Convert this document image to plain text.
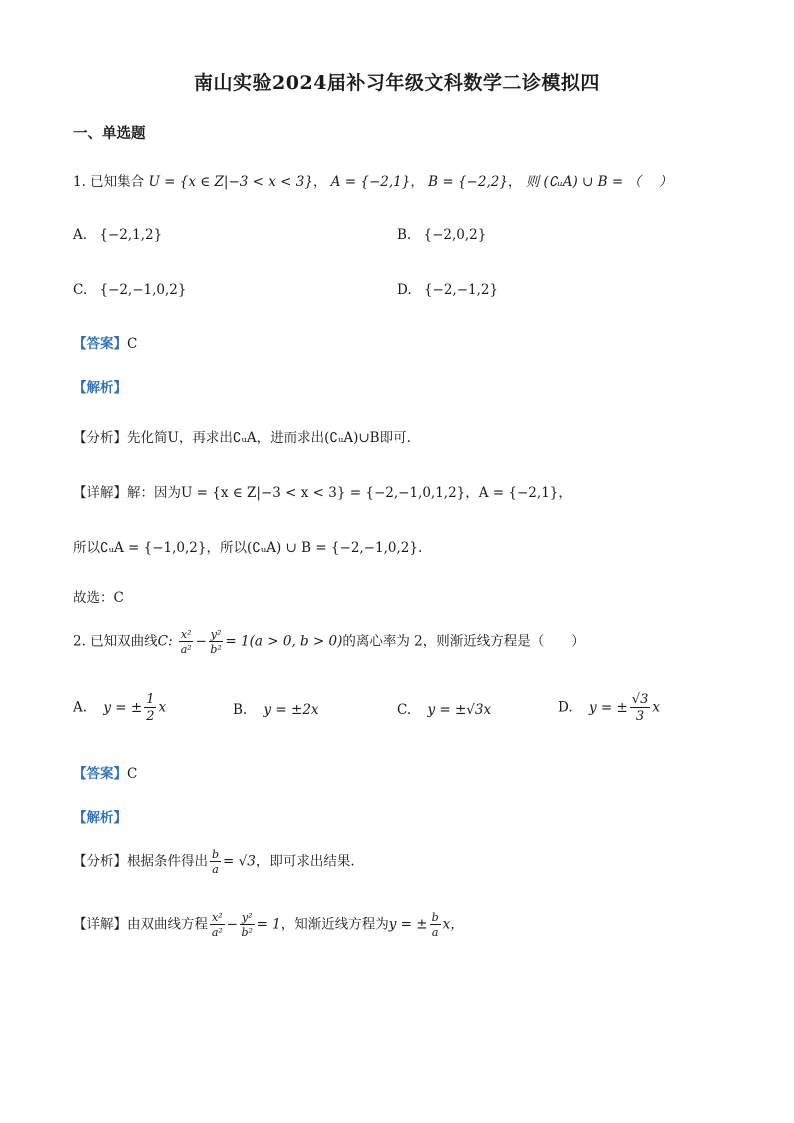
南山实验2024届补习年级文科数学二诊模拟四
一、单选题
1. 已知集合 U = {x ∈ Z|−3 < x < 3}， A = {−2,1}， B = {−2,2}， 则 (∁ᵤA) ∪ B = （　 ）
A. {−2,1,2}	B. {−2,0,2}
C. {−2,−1,0,2}	D. {−2,−1,2}
【答案】C
【解析】
【分析】先化简U，再求出∁ᵤA，进而求出(∁ᵤA)∪B即可.
【详解】解：因为U = {x ∈ Z|−3 < x < 3} = {−2,−1,0,1,2}，A = {−2,1}，
所以∁ᵤA = {−1,0,2}，所以(∁ᵤA) ∪ B = {−2,−1,0,2}.
故选：C
2. 已知双曲线C: $\frac{\text{x²}}{\text{a²}} - \frac{\text{y²}}{\text{b²}} = 1(a > 0$, b > 0)的离心率为 2，则渐近线方程是（　　）
A. y = ± $\frac{1}{2}$ x	B. y = ±2x	C. y = ±√3x	D. y = ± $\frac{√3}{3}$ x
【答案】C
【解析】
【分析】根据条件得出 $\frac{b}{a} = √3$，即可求出结果.
【详解】由双曲线方程 $\frac{\text{x²}}{\text{a²}} - \frac{\text{y²}}{\text{b²}} = 1$，知渐近线方程为y = ± $\frac{b}{a}$ x，
